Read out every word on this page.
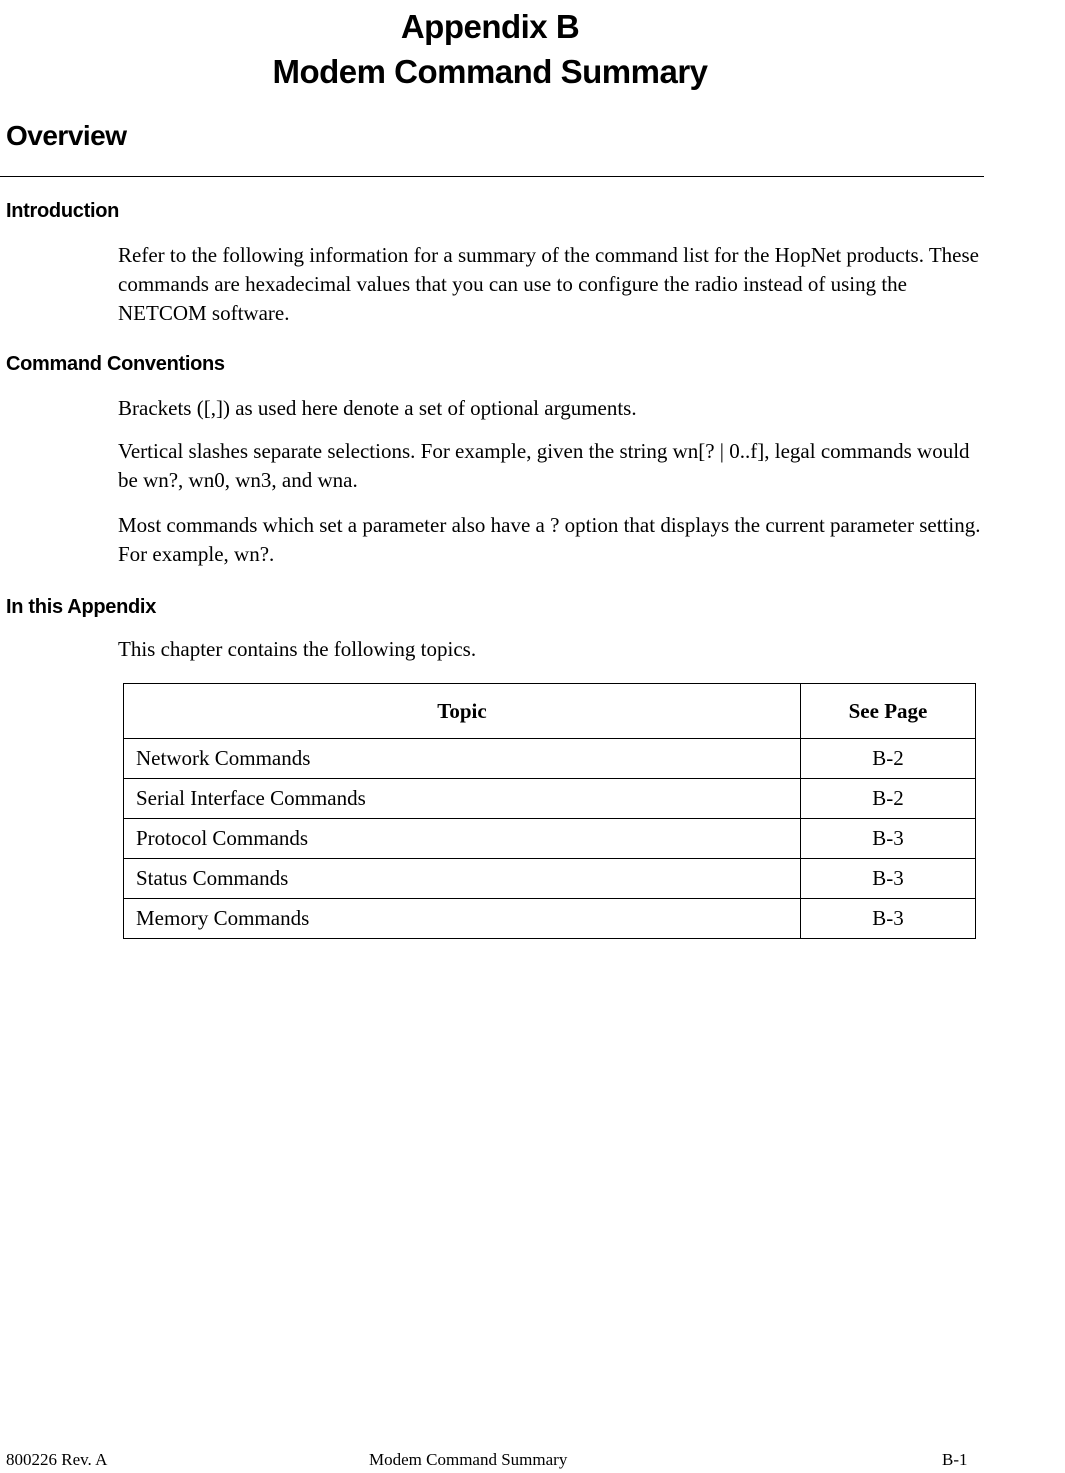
Appendix B
Modem Command Summary
Overview
Introduction
Refer to the following information for a summary of the command list for the HopNet products. These commands are hexadecimal values that you can use to configure the radio instead of using the NETCOM software.
Command Conventions
Brackets ([,]) as used here denote a set of optional arguments.
Vertical slashes separate selections. For example, given the string wn[? | 0..f], legal commands would be wn?, wn0, wn3, and wna.
Most commands which set a parameter also have a ? option that displays the current parameter setting. For example, wn?.
In this Appendix
This chapter contains the following topics.
Topic	See Page
Network Commands	B-2
Serial Interface Commands	B-2
Protocol Commands	B-3
Status Commands	B-3
Memory Commands	B-3
800226 Rev. A	Modem Command Summary	B-1
